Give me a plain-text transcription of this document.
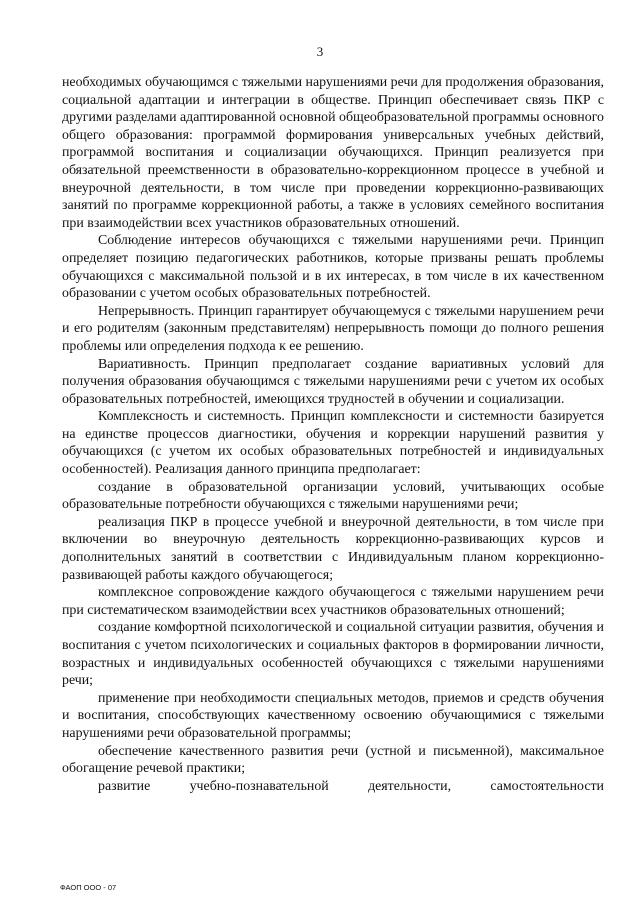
3

необходимых обучающимся с тяжелыми нарушениями речи для продолжения образования, социальной адаптации и интеграции в обществе. Принцип обеспечивает связь ПКР с другими разделами адаптированной основной общеобразовательной программы основного общего образования: программой формирования универсальных учебных действий, программой воспитания и социализации обучающихся. Принцип реализуется при обязательной преемственности в образовательно-коррекционном процессе в учебной и внеурочной деятельности, в том числе при проведении коррекционно-развивающих занятий по программе коррекционной работы, а также в условиях семейного воспитания при взаимодействии всех участников образовательных отношений.

Соблюдение интересов обучающихся с тяжелыми нарушениями речи. Принцип определяет позицию педагогических работников, которые призваны решать проблемы обучающихся с максимальной пользой и в их интересах, в том числе в их качественном образовании с учетом особых образовательных потребностей.

Непрерывность. Принцип гарантирует обучающемуся с тяжелыми нарушением речи и его родителям (законным представителям) непрерывность помощи до полного решения проблемы или определения подхода к ее решению.

Вариативность. Принцип предполагает создание вариативных условий для получения образования обучающимся с тяжелыми нарушениями речи с учетом их особых образовательных потребностей, имеющихся трудностей в обучении и социализации.

Комплексность и системность. Принцип комплексности и системности базируется на единстве процессов диагностики, обучения и коррекции нарушений развития у обучающихся (с учетом их особых образовательных потребностей и индивидуальных особенностей). Реализация данного принципа предполагает:

создание в образовательной организации условий, учитывающих особые образовательные потребности обучающихся с тяжелыми нарушениями речи;

реализация ПКР в процессе учебной и внеурочной деятельности, в том числе при включении во внеурочную деятельность коррекционно-развивающих курсов и дополнительных занятий в соответствии с Индивидуальным планом коррекционно-развивающей работы каждого обучающегося;

комплексное сопровождение каждого обучающегося с тяжелыми нарушением речи при систематическом взаимодействии всех участников образовательных отношений;

создание комфортной психологической и социальной ситуации развития, обучения и воспитания с учетом психологических и социальных факторов в формировании личности, возрастных и индивидуальных особенностей обучающихся с тяжелыми нарушениями речи;

применение при необходимости специальных методов, приемов и средств обучения и воспитания, способствующих качественному освоению обучающимися с тяжелыми нарушениями речи образовательной программы;

обеспечение качественного развития речи (устной и письменной), максимальное обогащение речевой практики;

развитие учебно-познавательной деятельности, самостоятельности

ФАОП ООО - 07
